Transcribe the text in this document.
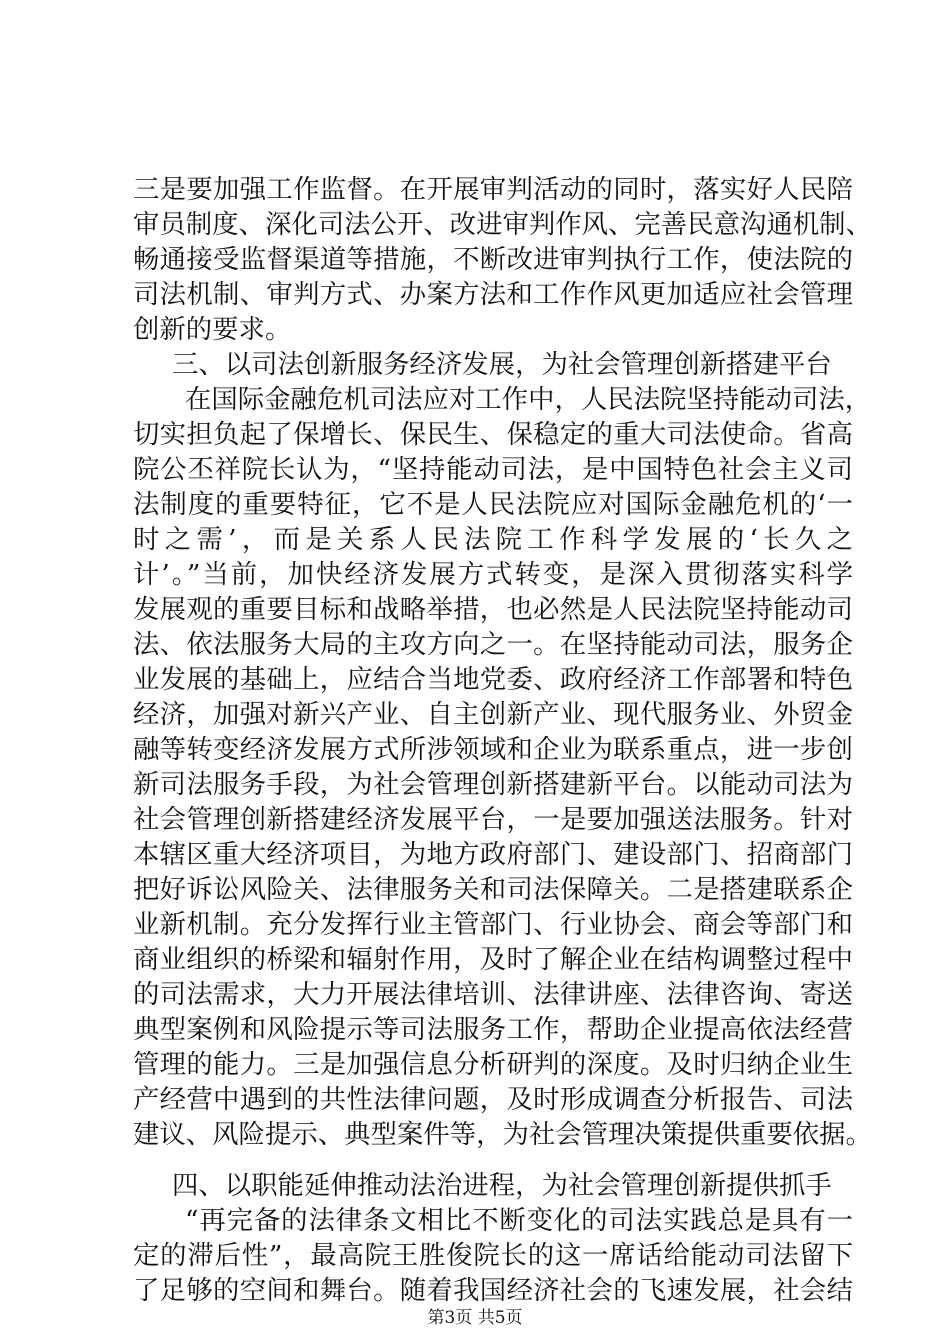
三是要加强工作监督。在开展审判活动的同时，落实好人民陪
审员制度、深化司法公开、改进审判作风、完善民意沟通机制、
畅通接受监督渠道等措施，不断改进审判执行工作，使法院的
司法机制、审判方式、办案方法和工作作风更加适应社会管理
创新的要求。
三、以司法创新服务经济发展，为社会管理创新搭建平台
在国际金融危机司法应对工作中，人民法院坚持能动司法，
切实担负起了保增长、保民生、保稳定的重大司法使命。省高
院公丕祥院长认为，“坚持能动司法，是中国特色社会主义司
法制度的重要特征，它不是人民法院应对国际金融危机的‘一
时之需’，而是关系人民法院工作科学发展的‘长久之
计’。”当前，加快经济发展方式转变，是深入贯彻落实科学
发展观的重要目标和战略举措，也必然是人民法院坚持能动司
法、依法服务大局的主攻方向之一。在坚持能动司法，服务企
业发展的基础上，应结合当地党委、政府经济工作部署和特色
经济，加强对新兴产业、自主创新产业、现代服务业、外贸金
融等转变经济发展方式所涉领域和企业为联系重点，进一步创
新司法服务手段，为社会管理创新搭建新平台。以能动司法为
社会管理创新搭建经济发展平台，一是要加强送法服务。针对
本辖区重大经济项目，为地方政府部门、建设部门、招商部门
把好诉讼风险关、法律服务关和司法保障关。二是搭建联系企
业新机制。充分发挥行业主管部门、行业协会、商会等部门和
商业组织的桥梁和辐射作用，及时了解企业在结构调整过程中
的司法需求，大力开展法律培训、法律讲座、法律咨询、寄送
典型案例和风险提示等司法服务工作，帮助企业提高依法经营
管理的能力。三是加强信息分析研判的深度。及时归纳企业生
产经营中遇到的共性法律问题，及时形成调查分析报告、司法
建议、风险提示、典型案件等，为社会管理决策提供重要依据。
四、以职能延伸推动法治进程，为社会管理创新提供抓手
“再完备的法律条文相比不断变化的司法实践总是具有一
定的滞后性”，最高院王胜俊院长的这一席话给能动司法留下
了足够的空间和舞台。随着我国经济社会的飞速发展，社会结
第3页 共5页
